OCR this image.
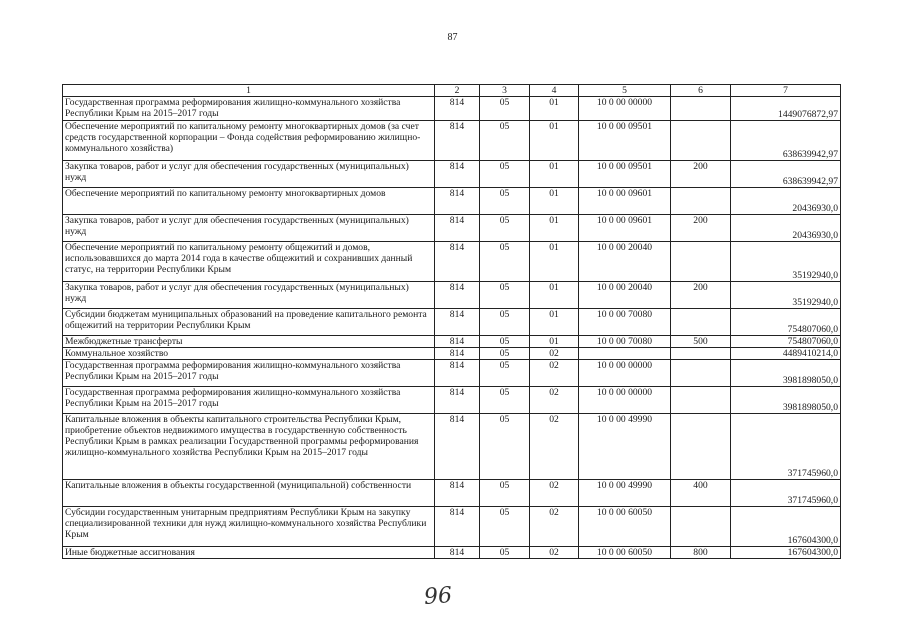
87
1	2	3	4	5	6	7
Государственная программа реформирования жилищно-коммунального хозяйства Республики Крым на 2015–2017 годы	814	05	01	10 0 00 00000		1449076872,97
Обеспечение мероприятий по капитальному ремонту многоквартирных домов (за счет средств государственной корпорации – Фонда содействия реформированию жилищно-коммунального хозяйства)	814	05	01	10 0 00 09501		638639942,97
Закупка товаров, работ и услуг для обеспечения государственных (муниципальных) нужд	814	05	01	10 0 00 09501	200	638639942,97
Обеспечение мероприятий по капитальному ремонту многоквартирных домов	814	05	01	10 0 00 09601		20436930,0
Закупка товаров, работ и услуг для обеспечения государственных (муниципальных) нужд	814	05	01	10 0 00 09601	200	20436930,0
Обеспечение мероприятий по капитальному ремонту общежитий и домов, использовавшихся до марта 2014 года в качестве общежитий и сохранивших данный статус, на территории Республики Крым	814	05	01	10 0 00 20040		35192940,0
Закупка товаров, работ и услуг для обеспечения государственных (муниципальных) нужд	814	05	01	10 0 00 20040	200	35192940,0
Субсидии бюджетам муниципальных образований на проведение капитального ремонта общежитий на территории Республики Крым	814	05	01	10 0 00 70080		754807060,0
Межбюджетные трансферты	814	05	01	10 0 00 70080	500	754807060,0
Коммунальное хозяйство	814	05	02			4489410214,0
Государственная программа реформирования жилищно-коммунального хозяйства Республики Крым на 2015–2017 годы	814	05	02	10 0 00 00000		3981898050,0
Государственная программа реформирования жилищно-коммунального хозяйства Республики Крым на 2015–2017 годы	814	05	02	10 0 00 00000		3981898050,0
Капитальные вложения в объекты капитального строительства Республики Крым, приобретение объектов недвижимого имущества в государственную собственность Республики Крым в рамках реализации Государственной программы реформирования жилищно-коммунального хозяйства Республики Крым на 2015–2017 годы	814	05	02	10 0 00 49990		371745960,0
Капитальные вложения в объекты государственной (муниципальной) собственности	814	05	02	10 0 00 49990	400	371745960,0
Субсидии государственным унитарным предприятиям Республики Крым на закупку специализированной техники для нужд жилищно-коммунального хозяйства Республики Крым	814	05	02	10 0 00 60050		167604300,0
Иные бюджетные ассигнования	814	05	02	10 0 00 60050	800	167604300,0
96
